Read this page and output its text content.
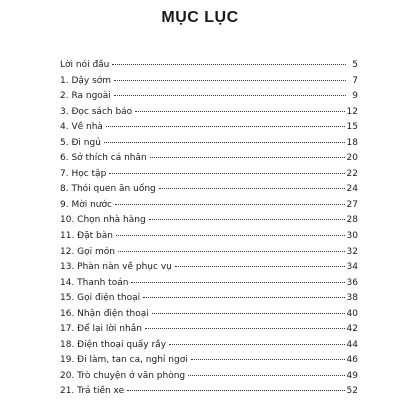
MỤC LỤC
Lời nói đầu	5
1. Dậy sớm	7
2. Ra ngoài	9
3. Đọc sách báo	12
4. Về nhà	15
5. Đi ngủ	18
6. Sở thích cá nhân	20
7. Học tập	22
8. Thói quen ăn uống	24
9. Mời nước	27
10. Chọn nhà hàng	28
11. Đặt bàn	30
12. Gọi món	32
13. Phàn nàn về phục vụ	34
14. Thanh toán	36
15. Gọi điện thoại	38
16. Nhận điện thoại	40
17. Để lại lời nhắn	42
18. Điện thoại quấy rầy	44
19. Đi làm, tan ca, nghỉ ngơi	46
20. Trò chuyện ở văn phòng	49
21. Trả tiền xe	52
